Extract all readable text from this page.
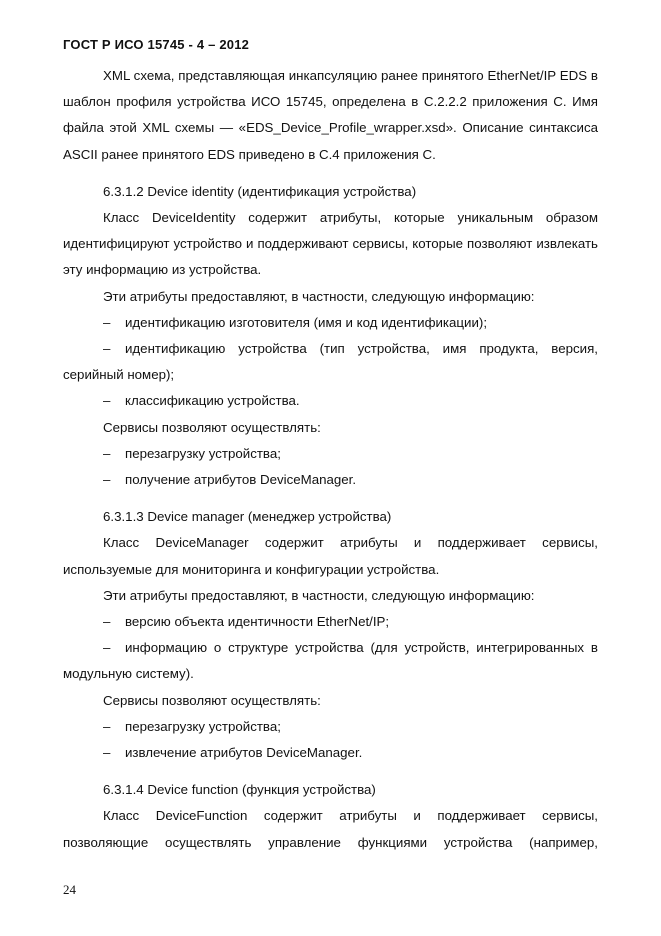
ГОСТ Р ИСО 15745 - 4 – 2012

XML схема, представляющая инкапсуляцию ранее принятого EtherNet/IP EDS в шаблон профиля устройства ИСО 15745, определена в С.2.2.2 приложения С. Имя файла этой XML схемы — «EDS_Device_Profile_wrapper.xsd». Описание синтаксиса ASCII ранее принятого EDS приведено в С.4 приложения С.

6.3.1.2 Device identity (идентификация устройства)

Класс DeviceIdentity содержит атрибуты, которые уникальным образом идентифицируют устройство и поддерживают сервисы, которые позволяют извлекать эту информацию из устройства.

Эти атрибуты предоставляют, в частности, следующую информацию:

– идентификацию изготовителя (имя и код идентификации);

– идентификацию устройства (тип устройства, имя продукта, версия, серийный номер);

– классификацию устройства.

Сервисы позволяют осуществлять:

– перезагрузку устройства;

– получение атрибутов DeviceManager.

6.3.1.3 Device manager (менеджер устройства)

Класс DeviceManager содержит атрибуты и поддерживает сервисы, используемые для мониторинга и конфигурации устройства.

Эти атрибуты предоставляют, в частности, следующую информацию:

– версию объекта идентичности EtherNet/IP;

– информацию о структуре устройства (для устройств, интегрированных в модульную систему).

Сервисы позволяют осуществлять:

– перезагрузку устройства;

– извлечение атрибутов DeviceManager.

6.3.1.4 Device function (функция устройства)

Класс DeviceFunction содержит атрибуты и поддерживает сервисы, позволяющие осуществлять управление функциями устройства (например,

24
